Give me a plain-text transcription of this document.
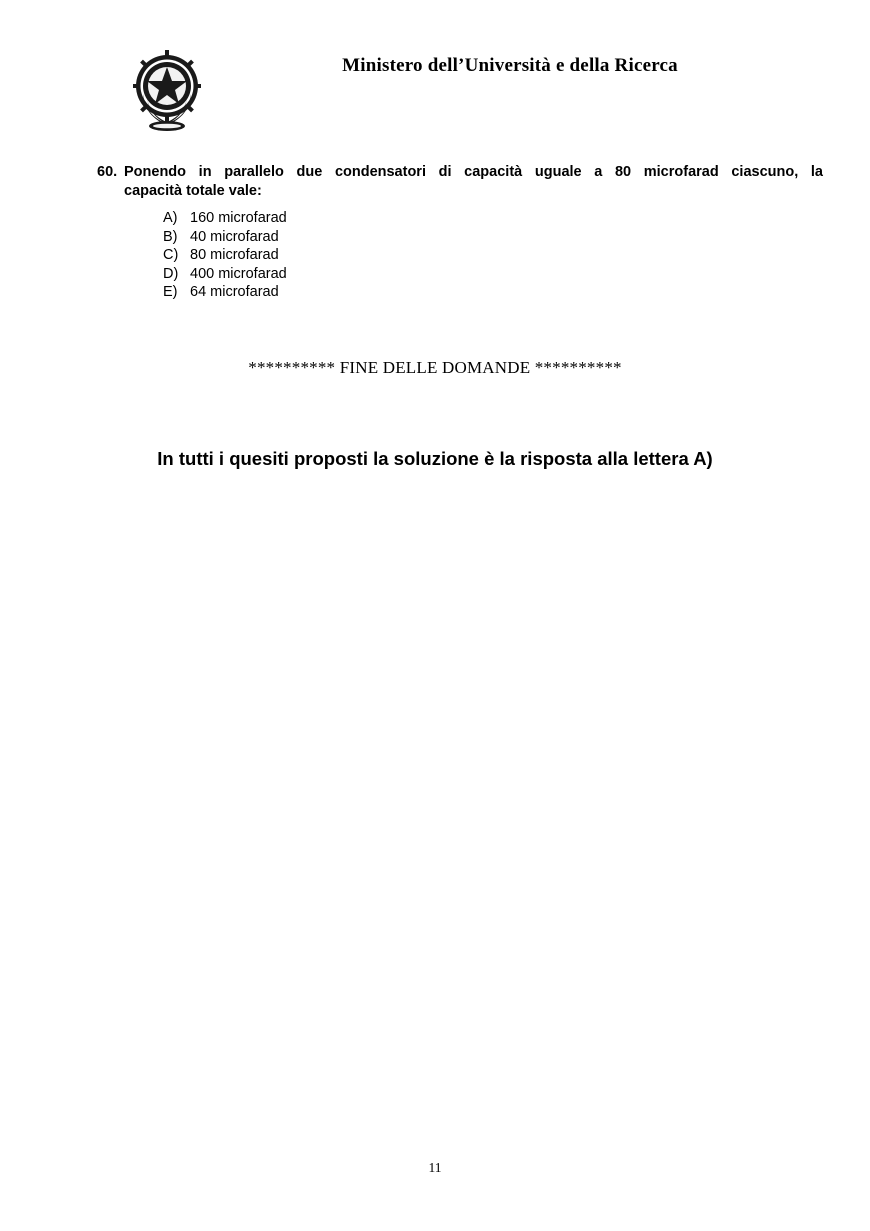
Ministero dell’Università e della Ricerca
60. Ponendo in parallelo due condensatori di capacità uguale a 80 microfarad ciascuno, la
capacità totale vale:
A) 160 microfarad
B) 40 microfarad
C) 80 microfarad
D) 400 microfarad
E) 64 microfarad
********** FINE DELLE DOMANDE **********
In tutti i quesiti proposti la soluzione è la risposta alla lettera A)
11
